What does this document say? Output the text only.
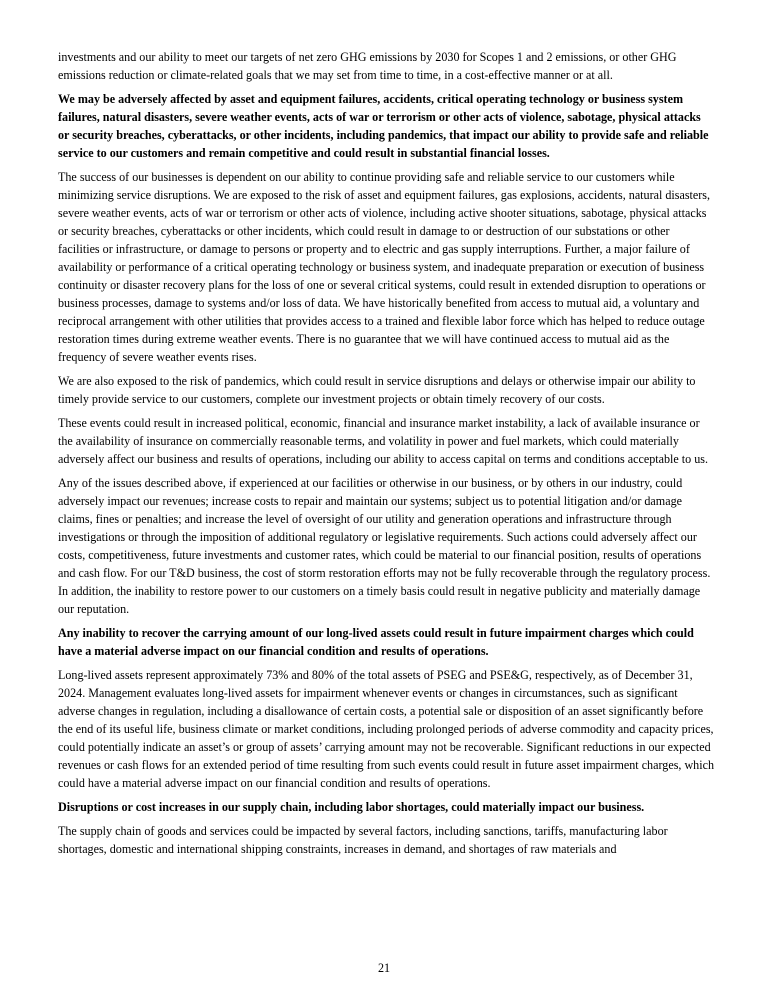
investments and our ability to meet our targets of net zero GHG emissions by 2030 for Scopes 1 and 2 emissions, or other GHG emissions reduction or climate-related goals that we may set from time to time, in a cost-effective manner or at all.

We may be adversely affected by asset and equipment failures, accidents, critical operating technology or business system failures, natural disasters, severe weather events, acts of war or terrorism or other acts of violence, sabotage, physical attacks or security breaches, cyberattacks, or other incidents, including pandemics, that impact our ability to provide safe and reliable service to our customers and remain competitive and could result in substantial financial losses.

The success of our businesses is dependent on our ability to continue providing safe and reliable service to our customers while minimizing service disruptions. We are exposed to the risk of asset and equipment failures, gas explosions, accidents, natural disasters, severe weather events, acts of war or terrorism or other acts of violence, including active shooter situations, sabotage, physical attacks or security breaches, cyberattacks or other incidents, which could result in damage to or destruction of our substations or other facilities or infrastructure, or damage to persons or property and to electric and gas supply interruptions. Further, a major failure of availability or performance of a critical operating technology or business system, and inadequate preparation or execution of business continuity or disaster recovery plans for the loss of one or several critical systems, could result in extended disruption to operations or business processes, damage to systems and/or loss of data. We have historically benefited from access to mutual aid, a voluntary and reciprocal arrangement with other utilities that provides access to a trained and flexible labor force which has helped to reduce outage restoration times during extreme weather events. There is no guarantee that we will have continued access to mutual aid as the frequency of severe weather events rises.

We are also exposed to the risk of pandemics, which could result in service disruptions and delays or otherwise impair our ability to timely provide service to our customers, complete our investment projects or obtain timely recovery of our costs.

These events could result in increased political, economic, financial and insurance market instability, a lack of available insurance or the availability of insurance on commercially reasonable terms, and volatility in power and fuel markets, which could materially adversely affect our business and results of operations, including our ability to access capital on terms and conditions acceptable to us.

Any of the issues described above, if experienced at our facilities or otherwise in our business, or by others in our industry, could adversely impact our revenues; increase costs to repair and maintain our systems; subject us to potential litigation and/or damage claims, fines or penalties; and increase the level of oversight of our utility and generation operations and infrastructure through investigations or through the imposition of additional regulatory or legislative requirements. Such actions could adversely affect our costs, competitiveness, future investments and customer rates, which could be material to our financial position, results of operations and cash flow. For our T&D business, the cost of storm restoration efforts may not be fully recoverable through the regulatory process. In addition, the inability to restore power to our customers on a timely basis could result in negative publicity and materially damage our reputation.

Any inability to recover the carrying amount of our long-lived assets could result in future impairment charges which could have a material adverse impact on our financial condition and results of operations.

Long-lived assets represent approximately 73% and 80% of the total assets of PSEG and PSE&G, respectively, as of December 31, 2024. Management evaluates long-lived assets for impairment whenever events or changes in circumstances, such as significant adverse changes in regulation, including a disallowance of certain costs, a potential sale or disposition of an asset significantly before the end of its useful life, business climate or market conditions, including prolonged periods of adverse commodity and capacity prices, could potentially indicate an asset’s or group of assets’ carrying amount may not be recoverable. Significant reductions in our expected revenues or cash flows for an extended period of time resulting from such events could result in future asset impairment charges, which could have a material adverse impact on our financial condition and results of operations.

Disruptions or cost increases in our supply chain, including labor shortages, could materially impact our business.

The supply chain of goods and services could be impacted by several factors, including sanctions, tariffs, manufacturing labor shortages, domestic and international shipping constraints, increases in demand, and shortages of raw materials and

21
